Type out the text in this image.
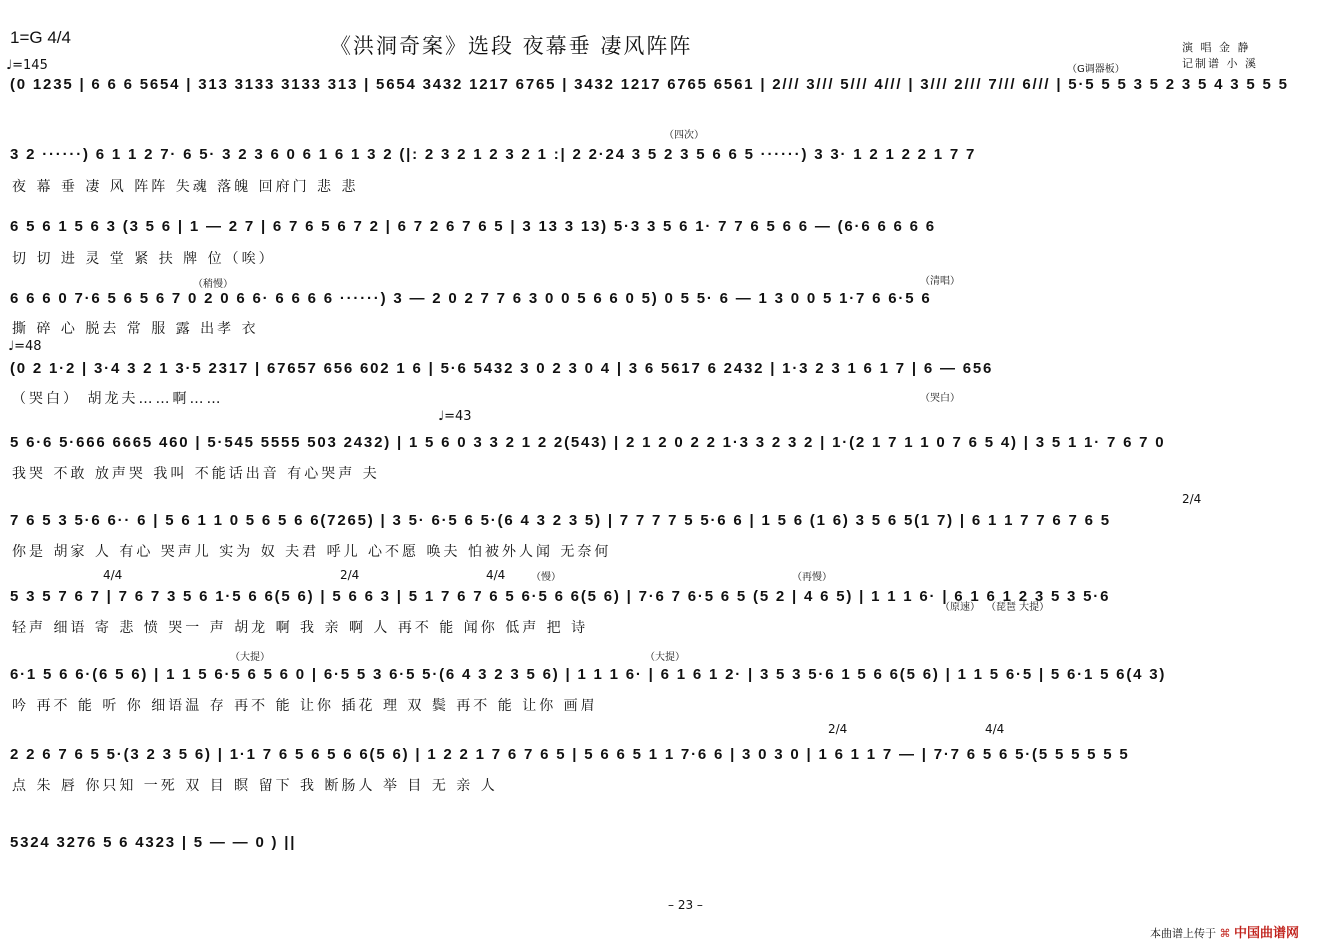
1=G 4/4	《洪洞奇案》选段 夜幕垂 凄风阵阵	演 唱 金 静
记制谱 小 溪
♩=145
♩=48
♩=43
（G调器板）
（四次）
（稍慢）	（清唱）
（哭白）
（慢）	（再慢）
（原速） （琵琶 大提）
（大提）	（大提）
2/4
4/4	2/4	4/4
2/4	4/4
(0 1235 | 6 6 6 5654 | 313 3133 3133 313 | 5654 3432 1217 6765 | 3432 1217 6765 6561 | 2/// 3/// 5/// 4/// | 3/// 2/// 7/// 6/// | 5·5 5 5 3 5 2 3 5 4 3 5 5 5
3 2 ······) 6 1 1 2 7· 6 5· 3 2 3 6 0 6 1 6 1 3 2 (|: 2 3 2 1 2 3 2 1 :| 2 2·24 3 5 2 3 5 6 6 5 ······) 3 3· 1 2 1 2 2 1 7 7
夜 幕 垂 凄 风 阵阵 失魂 落魄 回府门 悲 悲
6 5 6 1 5 6 3 (3 5 6 | 1 — 2 7 | 6 7 6 5 6 7 2 | 6 7 2 6 7 6 5 | 3 13 3 13) 5·3 3 5 6 1· 7 7 6 5 6 6 — (6·6 6 6 6 6
切 切 进 灵 堂 紧 扶 牌 位（唉）
6 6 6 0 7·6 5 6 5 6 7 0 2 0 6 6· 6 6 6 6 ······) 3 — 2 0 2 7 7 6 3 0 0 5 6 6 0 5) 0 5 5· 6 — 1 3 0 0 5 1·7 6 6·5 6
撕 碎 心 脱去 常 服 露 出孝 衣
(0 2 1·2 | 3·4 3 2 1 3·5 2317 | 67657 656 602 1 6 | 5·6 5432 3 0 2 3 0 4 | 3 6 5617 6 2432 | 1·3 2 3 1 6 1 7 | 6 — 656
（哭白） 胡龙夫……啊……
5 6·6 5·666 6665 460 | 5·545 5555 503 2432) | 1 5 6 0 3 3 2 1 2 2(543) | 2 1 2 0 2 2 1·3 3 2 3 2 | 1·(2 1 7 1 1 0 7 6 5 4) | 3 5 1 1· 7 6 7 0
我哭 不敢 放声哭 我叫 不能话出音 有心哭声 夫
7 6 5 3 5·6 6·· 6 | 5 6 1 1 0 5 6 5 6 6(7265) | 3 5· 6·5 6 5·(6 4 3 2 3 5) | 7 7 7 7 5 5·6 6 | 1 5 6 (1 6) 3 5 6 5(1 7) | 6 1 1 7 7 6 7 6 5
你是 胡家 人 有心 哭声儿 实为 奴 夫君 呼儿 心不愿 唤夫 怕被外人闻 无奈何
5 3 5 7 6 7 | 7 6 7 3 5 6 1·5 6 6(5 6) | 5 6 6 3 | 5 1 7 6 7 6 5 6·5 6 6(5 6) | 7·6 7 6·5 6 5 (5 2 | 4 6 5) | 1 1 1 6· | 6 1 6 1 2 3 5 3 5·6
轻声 细语 寄 悲 愤 哭一 声 胡龙 啊 我 亲 啊 人 再不 能 闻你 低声 把 诗
6·1 5 6 6·(6 5 6) | 1 1 5 6·5 6 5 6 0 | 6·5 5 3 6·5 5·(6 4 3 2 3 5 6) | 1 1 1 6· | 6 1 6 1 2· | 3 5 3 5·6 1 5 6 6(5 6) | 1 1 5 6·5 | 5 6·1 5 6(4 3)
吟 再不 能 听 你 细语温 存 再不 能 让你 插花 理 双 鬓 再不 能 让你 画眉
2 2 6 7 6 5 5·(3 2 3 5 6) | 1·1 7 6 5 6 5 6 6(5 6) | 1 2 2 1 7 6 7 6 5 | 5 6 6 5 1 1 7·6 6 | 3 0 3 0 | 1 6 1 1 7 — | 7·7 6 5 6 5·(5 5 5 5 5 5
点 朱 唇 你只知 一死 双 目 瞑 留下 我 断肠人 举 目 无 亲 人
5324 3276 5 6 4323 | 5 — — 0 ) ||
– 23 –
本曲谱上传于 ⌘ 中国曲谱网
